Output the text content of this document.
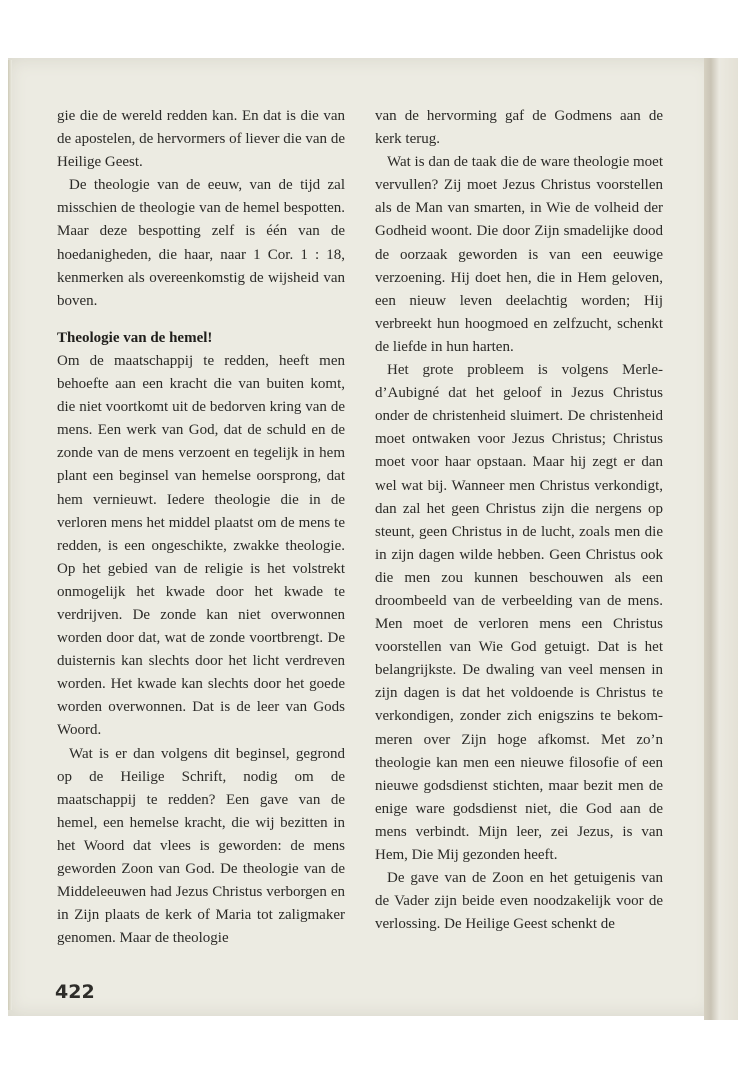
gie die de wereld redden kan. En dat is die van de apostelen, de hervormers of liever die van de Heilige Geest.

De theologie van de eeuw, van de tijd zal misschien de theologie van de hemel bespotten. Maar deze bespotting zelf is één van de hoedanigheden, die haar, naar 1 Cor. 1 : 18, kenmerken als overeenkomstig de wijsheid van boven.

Theologie van de hemel!

Om de maatschappij te redden, heeft men behoefte aan een kracht die van buiten komt, die niet voortkomt uit de bedorven kring van de mens. Een werk van God, dat de schuld en de zonde van de mens verzoent en tegelijk in hem plant een beginsel van hemelse oorsprong, dat hem vernieuwt. Iedere theologie die in de verloren mens het middel plaatst om de mens te redden, is een ongeschikte, zwakke theologie. Op het gebied van de religie is het volstrekt onmogelijk het kwade door het kwade te verdrijven. De zonde kan niet overwonnen worden door dat, wat de zonde voortbrengt. De duisternis kan slechts door het licht verdreven worden. Het kwade kan slechts door het goede worden overwonnen. Dat is de leer van Gods Woord.

Wat is er dan volgens dit beginsel, gegrond op de Heilige Schrift, nodig om de maatschappij te redden? Een gave van de hemel, een hemelse kracht, die wij bezitten in het Woord dat vlees is geworden: de mens geworden Zoon van God. De theologie van de Middeleeuwen had Jezus Christus verborgen en in Zijn plaats de kerk of Maria tot zaligmaker genomen. Maar de theologie

van de hervorming gaf de Godmens aan de kerk terug.

Wat is dan de taak die de ware theologie moet vervullen? Zij moet Jezus Christus voorstellen als de Man van smarten, in Wie de volheid der Godheid woont. Die door Zijn smadelijke dood de oorzaak geworden is van een eeuwige verzoening. Hij doet hen, die in Hem geloven, een nieuw leven deelachtig worden; Hij verbreekt hun hoogmoed en zelfzucht, schenkt de liefde in hun harten.

Het grote probleem is volgens Merle-d’Aubigné dat het geloof in Jezus Christus onder de christenheid sluimert. De christenheid moet ontwaken voor Jezus Christus; Christus moet voor haar opstaan. Maar hij zegt er dan wel wat bij. Wanneer men Christus verkondigt, dan zal het geen Christus zijn die nergens op steunt, geen Christus in de lucht, zoals men die in zijn dagen wilde hebben. Geen Christus ook die men zou kunnen beschouwen als een droombeeld van de verbeelding van de mens. Men moet de verloren mens een Christus voorstellen van Wie God getuigt. Dat is het belangrijkste. De dwaling van veel mensen in zijn dagen is dat het voldoende is Christus te verkondigen, zonder zich enigszins te bekommeren over Zijn hoge afkomst. Met zo’n theologie kan men een nieuwe filosofie of een nieuwe godsdienst stichten, maar bezit men de enige ware godsdienst niet, die God aan de mens verbindt. Mijn leer, zei Jezus, is van Hem, Die Mij gezonden heeft.

De gave van de Zoon en het getuigenis van de Vader zijn beide even noodzakelijk voor de verlossing. De Heilige Geest schenkt de

422
